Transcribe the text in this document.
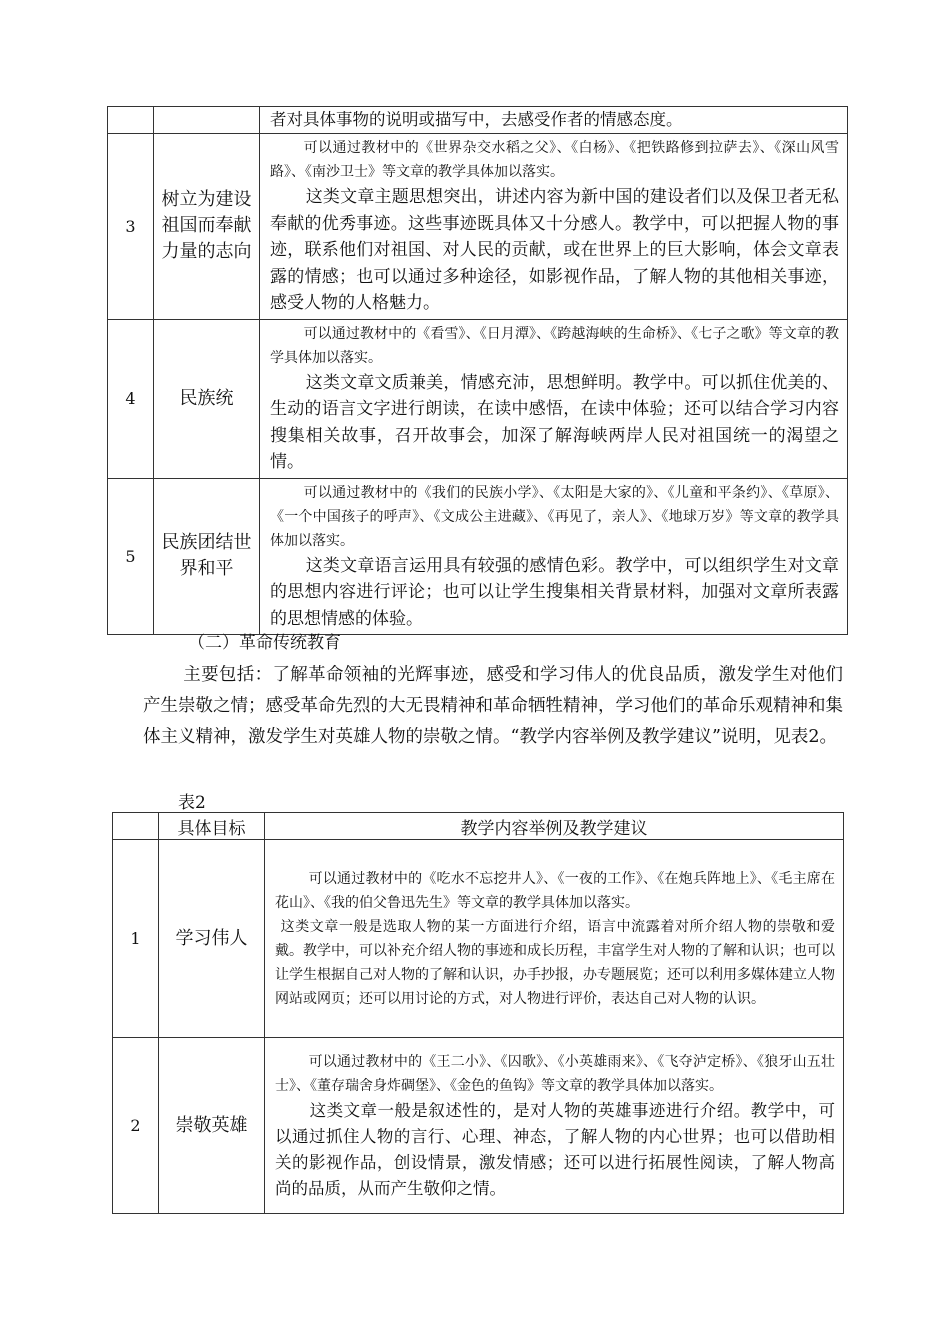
		者对具体事物的说明或描写中，去感受作者的情感态度。

3	树立为建设祖国而奉献力量的志向	可以通过教材中的《世界杂交水稻之父》、《白杨》、《把铁路修到拉萨去》、《深山风雪路》、《南沙卫士》等文章的教学具体加以落实。

这类文章主题思想突出，讲述内容为新中国的建设者们以及保卫者无私奉献的优秀事迹。这些事迹既具体又十分感人。教学中，可以把握人物的事迹，联系他们对祖国、对人民的贡献，或在世界上的巨大影响，体会文章表露的情感；也可以通过多种途径，如影视作品，了解人物的其他相关事迹，感受人物的人格魅力。

4	民族统	可以通过教材中的《看雪》、《日月潭》、《跨越海峡的生命桥》、《七子之歌》等文章的教学具体加以落实。

这类文章文质兼美，情感充沛，思想鲜明。教学中。可以抓住优美的、生动的语言文字进行朗读，在读中感悟，在读中体验；还可以结合学习内容搜集相关故事，召开故事会，加深了解海峡两岸人民对祖国统一的渴望之情。

5	民族团结世界和平	可以通过教材中的《我们的民族小学》、《太阳是大家的》、《儿童和平条约》、《草原》、《一个中国孩子的呼声》、《文成公主进藏》、《再见了，亲人》、《地球万岁》等文章的教学具体加以落实。

这类文章语言运用具有较强的感情色彩。教学中，可以组织学生对文章的思想内容进行评论；也可以让学生搜集相关背景材料，加强对文章所表露的思想情感的体验。

（二）革命传统教育

主要包括：了解革命领袖的光辉事迹，感受和学习伟人的优良品质，激发学生对他们产生崇敬之情；感受革命先烈的大无畏精神和革命牺牲精神，学习他们的革命乐观精神和集体主义精神，激发学生对英雄人物的崇敬之情。“教学内容举例及教学建议”说明，见表2。

表2
	具体目标	教学内容举例及教学建议
1	学习伟人	可以通过教材中的《吃水不忘挖井人》、《一夜的工作》、《在炮兵阵地上》、《毛主席在花山》、《我的伯父鲁迅先生》等文章的教学具体加以落实。

这类文章一般是选取人物的某一方面进行介绍，语言中流露着对所介绍人物的崇敬和爱戴。教学中，可以补充介绍人物的事迹和成长历程，丰富学生对人物的了解和认识；也可以让学生根据自己对人物的了解和认识，办手抄报，办专题展览；还可以利用多媒体建立人物网站或网页；还可以用讨论的方式，对人物进行评价，表达自己对人物的认识。

2	崇敬英雄	可以通过教材中的《王二小》、《囚歌》、《小英雄雨来》、《飞夺泸定桥》、《狼牙山五壮士》、《董存瑞舍身炸碉堡》、《金色的鱼钩》等文章的教学具体加以落实。

这类文章一般是叙述性的，是对人物的英雄事迹进行介绍。教学中，可以通过抓住人物的言行、心理、神态，了解人物的内心世界；也可以借助相关的影视作品，创设情景，激发情感；还可以进行拓展性阅读，了解人物高尚的品质，从而产生敬仰之情。
